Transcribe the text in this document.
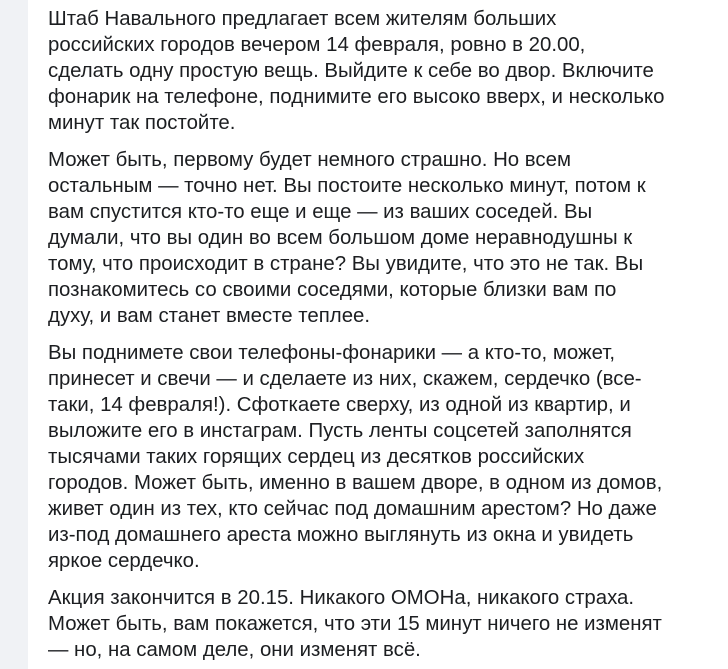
Штаб Навального предлагает всем жителям больших
российских городов вечером 14 февраля, ровно в 20.00,
сделать одну простую вещь. Выйдите к себе во двор. Включите
фонарик на телефоне, поднимите его высоко вверх, и несколько
минут так постойте.

Может быть, первому будет немного страшно. Но всем
остальным — точно нет. Вы постоите несколько минут, потом к
вам спустится кто-то еще и еще — из ваших соседей. Вы
думали, что вы один во всем большом доме неравнодушны к
тому, что происходит в стране? Вы увидите, что это не так. Вы
познакомитесь со своими соседями, которые близки вам по
духу, и вам станет вместе теплее.

Вы поднимете свои телефоны-фонарики — а кто-то, может,
принесет и свечи — и сделаете из них, скажем, сердечко (все-
таки, 14 февраля!). Сфоткаете сверху, из одной из квартир, и
выложите его в инстаграм. Пусть ленты соцсетей заполнятся
тысячами таких горящих сердец из десятков российских
городов. Может быть, именно в вашем дворе, в одном из домов,
живет один из тех, кто сейчас под домашним арестом? Но даже
из-под домашнего ареста можно выглянуть из окна и увидеть
яркое сердечко.

Акция закончится в 20.15. Никакого ОМОНа, никакого страха.
Может быть, вам покажется, что эти 15 минут ничего не изменят
— но, на самом деле, они изменят всё.
